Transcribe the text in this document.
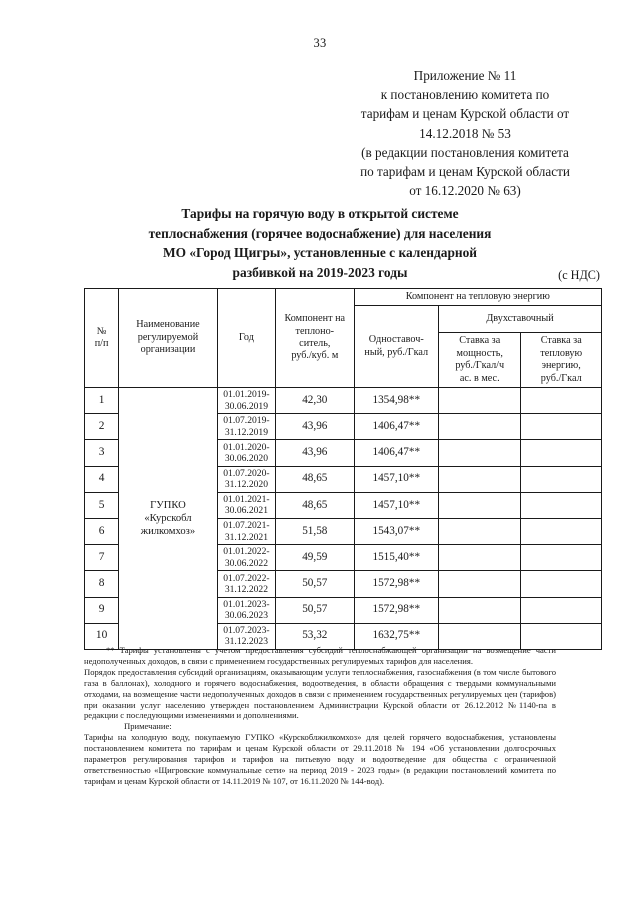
33
Приложение № 11
к постановлению комитета по
тарифам и ценам Курской области от
14.12.2018 № 53
(в редакции постановления комитета
по тарифам и ценам Курской области
от 16.12.2020 № 63)
Тарифы на горячую воду в открытой системе
теплоснабжения (горячее водоснабжение) для населения
МО «Город Щигры», установленные с календарной
разбивкой на 2019-2023 годы	(с НДС)
№
п/п	Наименование
регулируемой
организации	Год	Компонент на
теплоно-
ситель,
руб./куб. м	Компонент на тепловую энергию		
				Одноставоч-
ный, руб./Гкал	Двухставочный	
					Ставка за
мощность,
руб./Гкал/ч
ас. в мес.	Ставка за
тепловую
энергию,
руб./Гкал
1	ГУПКО
«Курскобл
жилкомхоз»	01.01.2019-
30.06.2019	42,30	1354,98**		
2		01.07.2019-
31.12.2019	43,96	1406,47**		
3		01.01.2020-
30.06.2020	43,96	1406,47**		
4		01.07.2020-
31.12.2020	48,65	1457,10**		
5		01.01.2021-
30.06.2021	48,65	1457,10**		
6		01.07.2021-
31.12.2021	51,58	1543,07**		
7		01.01.2022-
30.06.2022	49,59	1515,40**		
8		01.07.2022-
31.12.2022	50,57	1572,98**		
9		01.01.2023-
30.06.2023	50,57	1572,98**		
10		01.07.2023-
31.12.2023	53,32	1632,75**		

** Тарифы установлены с учетом предоставления субсидий теплоснабжающей организации на возмещение части недополученных доходов, в связи с применением государственных регулируемых тарифов для населения.

Порядок предоставления субсидий организациям, оказывающим услуги теплоснабжения, газоснабжения (в том числе бытового газа в баллонах), холодного и горячего водоснабжения, водоотведения, в области обращения с твердыми коммунальными отходами, на возмещение части недополученных доходов в связи с применением государственных регулируемых цен (тарифов) при оказании услуг населению утвержден постановлением Администрации Курской области от 26.12.2012 №1140-па в редакции с последующими изменениями и дополнениями.

Примечание:

Тарифы на холодную воду, покупаемую ГУПКО «Курскоблжилкомхоз» для целей горячего водоснабжения, установлены постановлением комитета по тарифам и ценам Курской области от 29.11.2018 № 194 «Об установлении долгосрочных параметров регулирования тарифов и тарифов на питьевую воду и водоотведение для общества с ограниченной ответственностью «Щигровские коммунальные сети» на период 2019 - 2023 годы» (в редакции постановлений комитета по тарифам и ценам Курской области от 14.11.2019 № 107, от 16.11.2020 № 144-вод).
